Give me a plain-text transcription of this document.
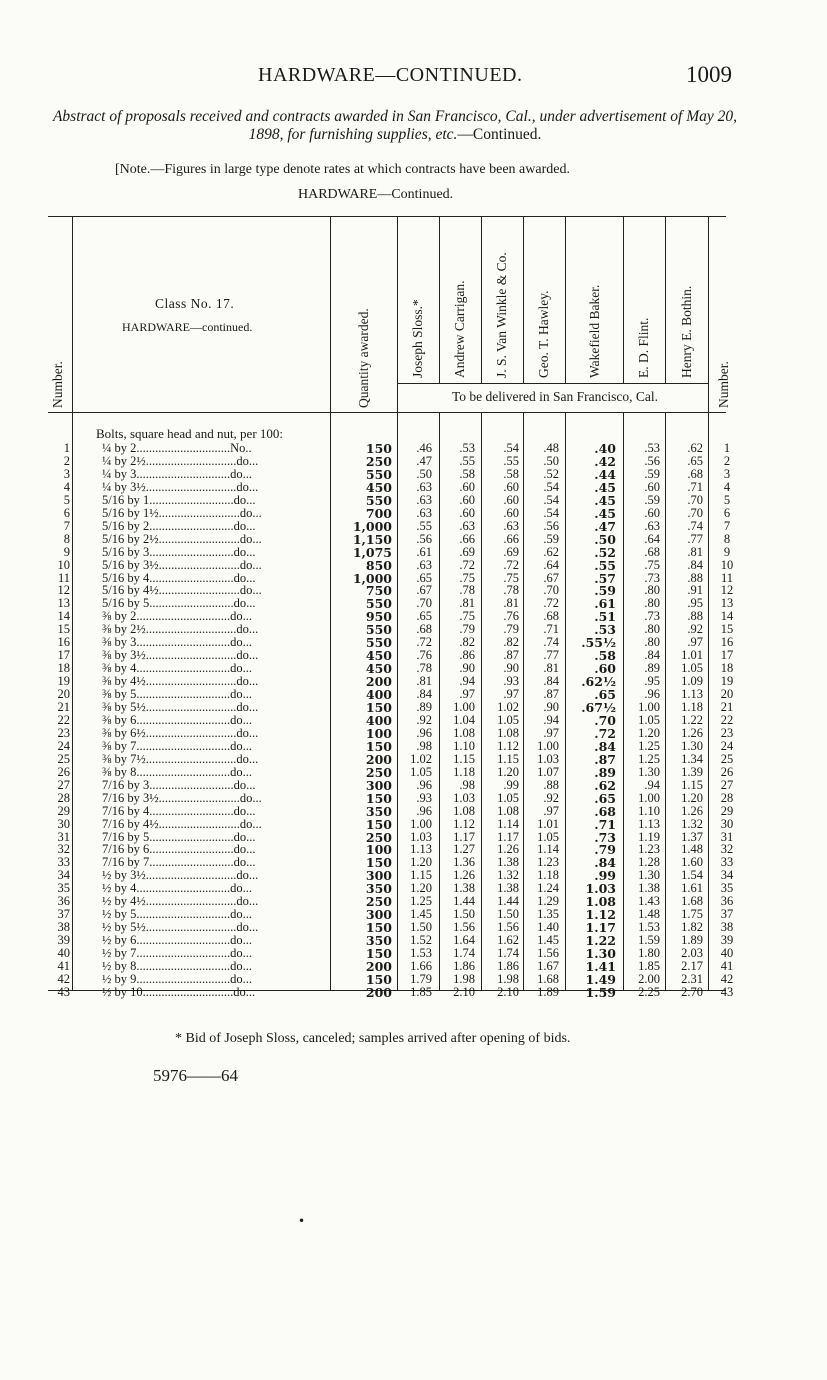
HARDWARE—CONTINUED.	1009
Abstract of proposals received and contracts awarded in San Francisco, Cal., under advertisement of May 20, 1898, for furnishing supplies, etc.—Continued.
[Note.—Figures in large type denote rates at which contracts have been awarded.
HARDWARE—Continued.
Number.	Number.
Quantity awarded.	Joseph Sloss.* Andrew Carrigan. J. S. Van Winkle & Co. Geo. T. Hawley.	Wakefield Baker.	E. D. Flint. Henry E. Bothin.
Class No. 17.
HARDWARE—continued.
To be delivered in San Francisco, Cal.
Bolts, square head and nut, per 100:
1	¼ by 2..............................No..	150	.46	.53	.54	.48	.40	.53	.62	1
2	¼ by 2½.............................do...	250	.47	.55	.55	.50	.42	.56	.65	2
3	¼ by 3..............................do...	550	.50	.58	.58	.52	.44	.59	.68	3
4	¼ by 3½.............................do...	450	.63	.60	.60	.54	.45	.60	.71	4
5	5/16 by 1...........................do...	550	.63	.60	.60	.54	.45	.59	.70	5
6	5/16 by 1½..........................do...	700	.63	.60	.60	.54	.45	.60	.70	6
7	5/16 by 2...........................do...	1,000	.55	.63	.63	.56	.47	.63	.74	7
8	5/16 by 2½..........................do...	1,150	.56	.66	.66	.59	.50	.64	.77	8
9	5/16 by 3...........................do...	1,075	.61	.69	.69	.62	.52	.68	.81	9
10	5/16 by 3½..........................do...	850	.63	.72	.72	.64	.55	.75	.84	10
11	5/16 by 4...........................do...	1,000	.65	.75	.75	.67	.57	.73	.88	11
12	5/16 by 4½..........................do...	750	.67	.78	.78	.70	.59	.80	.91	12
13	5/16 by 5...........................do...	550	.70	.81	.81	.72	.61	.80	.95	13
14	⅜ by 2..............................do...	950	.65	.75	.76	.68	.51	.73	.88	14
15	⅜ by 2½.............................do...	550	.68	.79	.79	.71	.53	.80	.92	15
16	⅜ by 3..............................do...	550	.72	.82	.82	.74	.55½	.80	.97	16
17	⅜ by 3½.............................do...	450	.76	.86	.87	.77	.58	.84	1.01	17
18	⅜ by 4..............................do...	450	.78	.90	.90	.81	.60	.89	1.05	18
19	⅜ by 4½.............................do...	200	.81	.94	.93	.84	.62½	.95	1.09	19
20	⅜ by 5..............................do...	400	.84	.97	.97	.87	.65	.96	1.13	20
21	⅜ by 5½.............................do...	150	.89	1.00	1.02	.90	.67½	1.00	1.18	21
22	⅜ by 6..............................do...	400	.92	1.04	1.05	.94	.70	1.05	1.22	22
23	⅜ by 6½.............................do...	100	.96	1.08	1.08	.97	.72	1.20	1.26	23
24	⅜ by 7..............................do...	150	.98	1.10	1.12	1.00	.84	1.25	1.30	24
25	⅜ by 7½.............................do...	200	1.02	1.15	1.15	1.03	.87	1.25	1.34	25
26	⅜ by 8..............................do...	250	1.05	1.18	1.20	1.07	.89	1.30	1.39	26
27	7/16 by 3...........................do...	300	.96	.98	.99	.88	.62	.94	1.15	27
28	7/16 by 3½..........................do...	150	.93	1.03	1.05	.92	.65	1.00	1.20	28
29	7/16 by 4...........................do...	350	.96	1.08	1.08	.97	.68	1.10	1.26	29
30	7/16 by 4½..........................do...	150	1.00	1.12	1.14	1.01	.71	1.13	1.32	30
31	7/16 by 5...........................do...	250	1.03	1.17	1.17	1.05	.73	1.19	1.37	31
32	7/16 by 6...........................do...	100	1.13	1.27	1.26	1.14	.79	1.23	1.48	32
33	7/16 by 7...........................do...	150	1.20	1.36	1.38	1.23	.84	1.28	1.60	33
34	½ by 3½.............................do...	300	1.15	1.26	1.32	1.18	.99	1.30	1.54	34
35	½ by 4..............................do...	350	1.20	1.38	1.38	1.24	1.03	1.38	1.61	35
36	½ by 4½.............................do...	250	1.25	1.44	1.44	1.29	1.08	1.43	1.68	36
37	½ by 5..............................do...	300	1.45	1.50	1.50	1.35	1.12	1.48	1.75	37
38	½ by 5½.............................do...	150	1.50	1.56	1.56	1.40	1.17	1.53	1.82	38
39	½ by 6..............................do...	350	1.52	1.64	1.62	1.45	1.22	1.59	1.89	39
40	½ by 7..............................do...	150	1.53	1.74	1.74	1.56	1.30	1.80	2.03	40
41	½ by 8..............................do...	200	1.66	1.86	1.86	1.67	1.41	1.85	2.17	41
42	½ by 9..............................do...	150	1.79	1.98	1.98	1.68	1.49	2.00	2.31	42
43	½ by 10.............................do...	200	1.85	2.10	2.10	1.89	1.59	2.25	2.70	43
* Bid of Joseph Sloss, canceled; samples arrived after opening of bids.
5976——64
•
